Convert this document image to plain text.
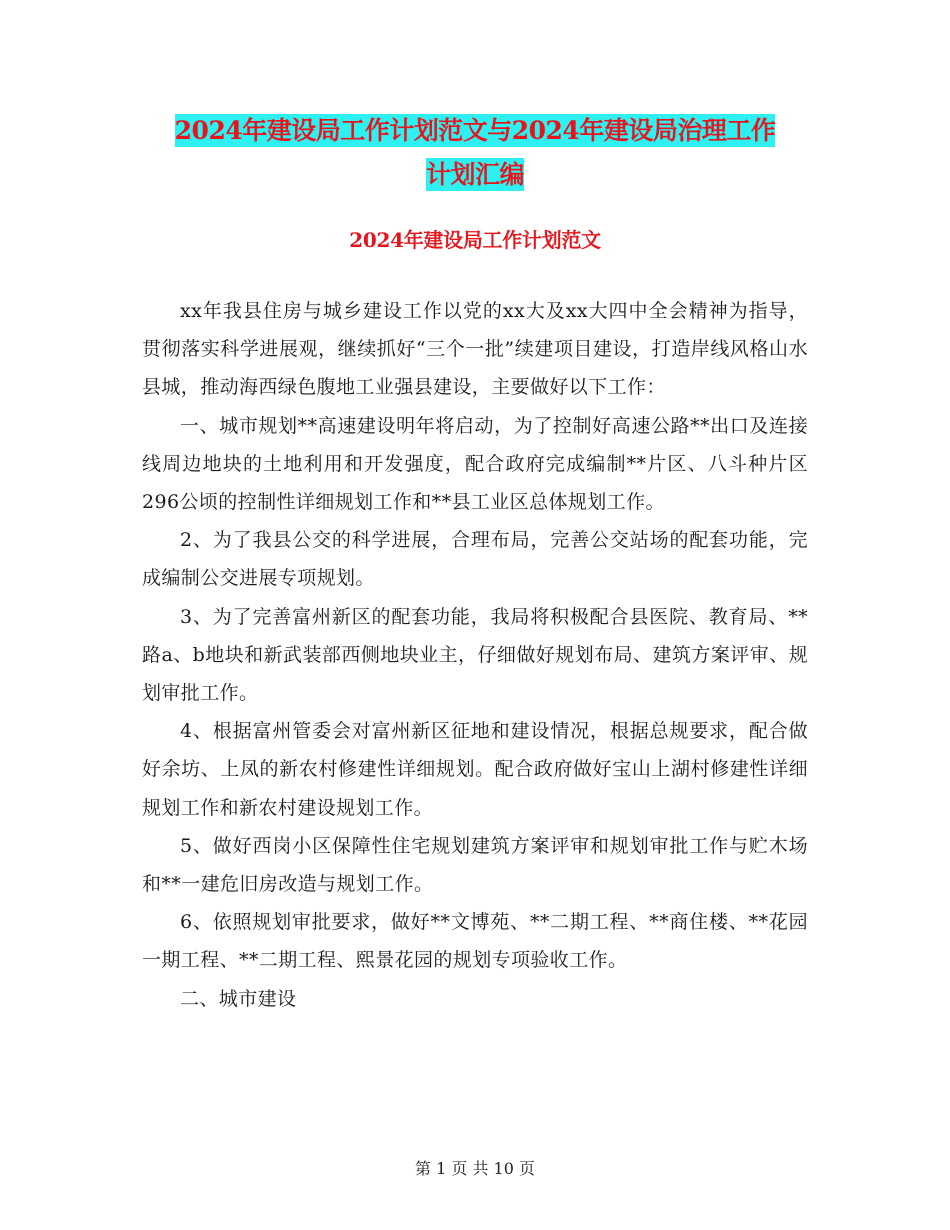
2024年建设局工作计划范文与2024年建设局治理工作
计划汇编
2024年建设局工作计划范文

xx年我县住房与城乡建设工作以党的xx大及xx大四中全会精神为指导，贯彻落实科学进展观，继续抓好“三个一批”续建项目建设，打造岸线风格山水县城，推动海西绿色腹地工业强县建设，主要做好以下工作：

一、城市规划**高速建设明年将启动，为了控制好高速公路**出口及连接线周边地块的土地利用和开发强度，配合政府完成编制**片区、八斗种片区296公顷的控制性详细规划工作和**县工业区总体规划工作。

2、为了我县公交的科学进展，合理布局，完善公交站场的配套功能，完成编制公交进展专项规划。

3、为了完善富州新区的配套功能，我局将积极配合县医院、教育局、**路a、b地块和新武装部西侧地块业主，仔细做好规划布局、建筑方案评审、规划审批工作。

4、根据富州管委会对富州新区征地和建设情况，根据总规要求，配合做好余坊、上凤的新农村修建性详细规划。配合政府做好宝山上湖村修建性详细规划工作和新农村建设规划工作。

5、做好西岗小区保障性住宅规划建筑方案评审和规划审批工作与贮木场和**一建危旧房改造与规划工作。

6、依照规划审批要求，做好**文博苑、**二期工程、**商住楼、**花园一期工程、**二期工程、熙景花园的规划专项验收工作。

二、城市建设

第 1 页 共 10 页
